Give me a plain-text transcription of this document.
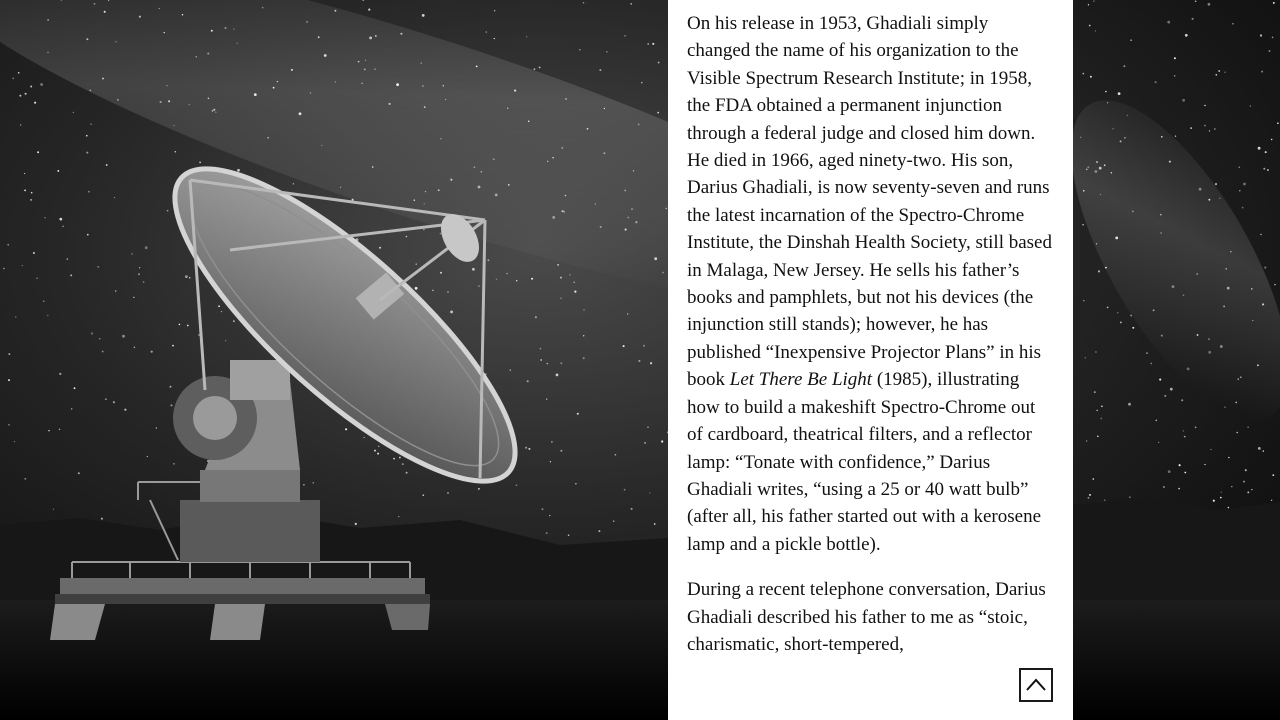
On his release in 1953, Ghadiali simply changed the name of his organization to the Visible Spectrum Research Institute; in 1958, the FDA obtained a permanent injunction through a federal judge and closed him down. He died in 1966, aged ninety-two. His son, Darius Ghadiali, is now seventy-seven and runs the latest incarnation of the Spectro-Chrome Institute, the Dinshah Health Society, still based in Malaga, New Jersey. He sells his father’s books and pamphlets, but not his devices (the injunction still stands); however, he has published “Inexpensive Projector Plans” in his book Let There Be Light (1985), illustrating how to build a makeshift Spectro-Chrome out of cardboard, theatrical filters, and a reflector lamp: “Tonate with confidence,” Darius Ghadiali writes, “using a 25 or 40 watt bulb” (after all, his father started out with a kerosene lamp and a pickle bottle).

During a recent telephone conversation, Darius Ghadiali described his father to me as “stoic, charismatic, short-tempered,
